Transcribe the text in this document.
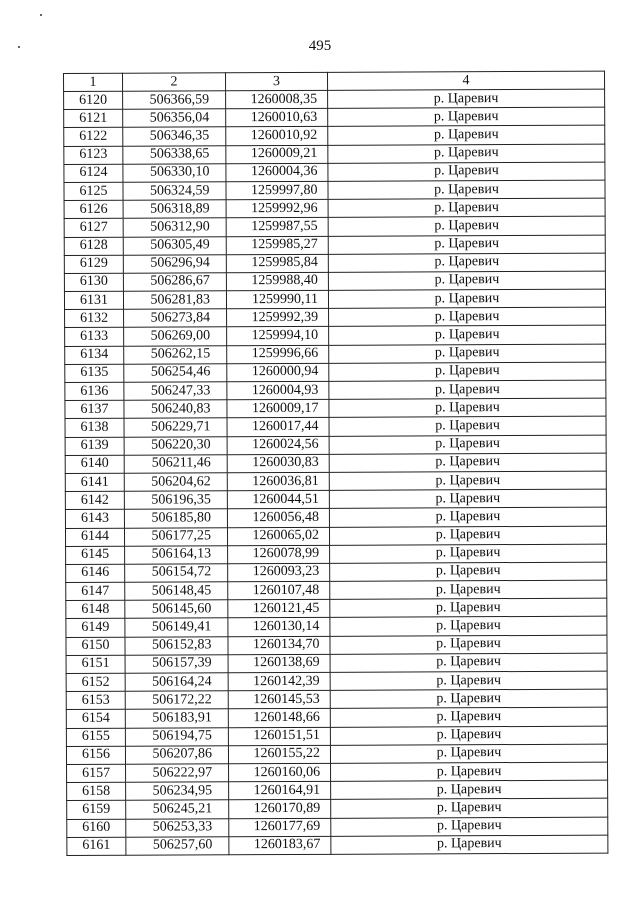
495
1	2	3	4
6120	506366,59	1260008,35	р. Царевич
6121	506356,04	1260010,63	р. Царевич
6122	506346,35	1260010,92	р. Царевич
6123	506338,65	1260009,21	р. Царевич
6124	506330,10	1260004,36	р. Царевич
6125	506324,59	1259997,80	р. Царевич
6126	506318,89	1259992,96	р. Царевич
6127	506312,90	1259987,55	р. Царевич
6128	506305,49	1259985,27	р. Царевич
6129	506296,94	1259985,84	р. Царевич
6130	506286,67	1259988,40	р. Царевич
6131	506281,83	1259990,11	р. Царевич
6132	506273,84	1259992,39	р. Царевич
6133	506269,00	1259994,10	р. Царевич
6134	506262,15	1259996,66	р. Царевич
6135	506254,46	1260000,94	р. Царевич
6136	506247,33	1260004,93	р. Царевич
6137	506240,83	1260009,17	р. Царевич
6138	506229,71	1260017,44	р. Царевич
6139	506220,30	1260024,56	р. Царевич
6140	506211,46	1260030,83	р. Царевич
6141	506204,62	1260036,81	р. Царевич
6142	506196,35	1260044,51	р. Царевич
6143	506185,80	1260056,48	р. Царевич
6144	506177,25	1260065,02	р. Царевич
6145	506164,13	1260078,99	р. Царевич
6146	506154,72	1260093,23	р. Царевич
6147	506148,45	1260107,48	р. Царевич
6148	506145,60	1260121,45	р. Царевич
6149	506149,41	1260130,14	р. Царевич
6150	506152,83	1260134,70	р. Царевич
6151	506157,39	1260138,69	р. Царевич
6152	506164,24	1260142,39	р. Царевич
6153	506172,22	1260145,53	р. Царевич
6154	506183,91	1260148,66	р. Царевич
6155	506194,75	1260151,51	р. Царевич
6156	506207,86	1260155,22	р. Царевич
6157	506222,97	1260160,06	р. Царевич
6158	506234,95	1260164,91	р. Царевич
6159	506245,21	1260170,89	р. Царевич
6160	506253,33	1260177,69	р. Царевич
6161	506257,60	1260183,67	р. Царевич
